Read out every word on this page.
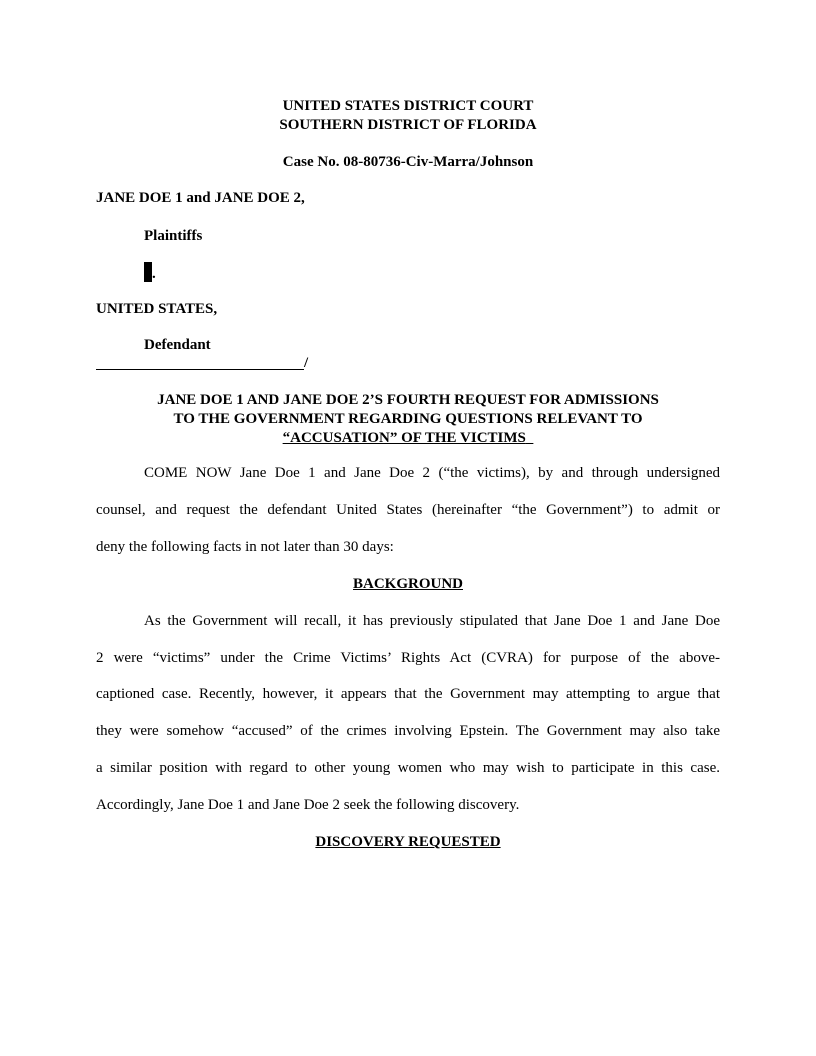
UNITED STATES DISTRICT COURT
SOUTHERN DISTRICT OF FLORIDA
Case No. 08-80736-Civ-Marra/Johnson
JANE DOE 1 and JANE DOE 2,
Plaintiffs
.
UNITED STATES,
Defendant
/
JANE DOE 1 AND JANE DOE 2’S FOURTH REQUEST FOR ADMISSIONS
TO THE GOVERNMENT REGARDING QUESTIONS RELEVANT TO
“ACCUSATION” OF THE VICTIMS
COME NOW Jane Doe 1 and Jane Doe 2 (“the victims), by and through undersigned
counsel, and request the defendant United States (hereinafter “the Government”) to admit or
deny the following facts in not later than 30 days:
BACKGROUND
As the Government will recall, it has previously stipulated that Jane Doe 1 and Jane Doe
2 were “victims” under the Crime Victims’ Rights Act (CVRA) for purpose of the above-
captioned case. Recently, however, it appears that the Government may attempting to argue that
they were somehow “accused” of the crimes involving Epstein. The Government may also take
a similar position with regard to other young women who may wish to participate in this case.
Accordingly, Jane Doe 1 and Jane Doe 2 seek the following discovery.
DISCOVERY REQUESTED
